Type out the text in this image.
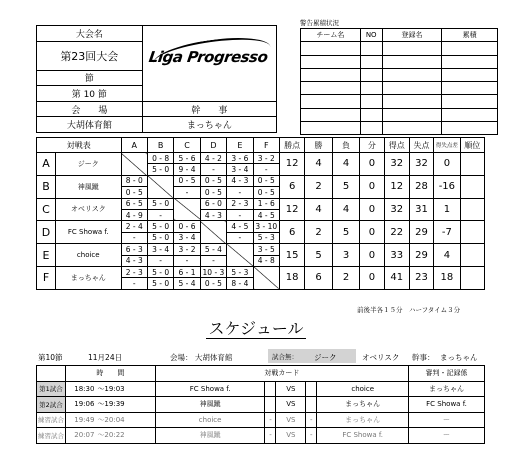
大会名	Liga Progresso

第23回大会	
節	
第 10 節	
会　　場	幹　　事
大胡体育館	まっちゃん
警告累積状況
チーム名	NO	登録名	累積

対戦表		A	B	C	D	E	F	勝点	勝	負	分	得点	失点	得失点差	順位
A	ジーク		0 - 8	5 - 6	4 - 2	3 - 6	3 - 2	12	4	4	0	32	32	0	
			5 - 0	9 - 4	-	3 - 4	-								
B	神風蹴	8 - 0		0 - 5	0 - 5	4 - 3	0 - 5	6	2	5	0	12	28	-16	
		0 - 5		-	0 - 5	-	0 - 5								
C	オベリスク	6 - 5	5 - 0		6 - 0	2 - 3	1 - 6	12	4	4	0	32	31	1	
		4 - 9	-		4 - 3	-	4 - 5								
D	FC Showa f.	2 - 4	5 - 0	0 - 6		4 - 5	3 - 10	6	2	5	0	22	29	-7	
		-	5 - 0	3 - 4		-	5 - 3								
E	choice	6 - 3	3 - 4	3 - 2	5 - 4		3 - 5	15	5	3	0	33	29	4	
		4 - 3	-	-	-		4 - 8								
F	まっちゃん	2 - 3	5 - 0	6 - 1	10 - 3	5 - 3		18	6	2	0	41	23	18	
		-	5 - 0	5 - 4	0 - 5	8 - 4									
前後半各１５分　ハーフタイム３分
スケジュール
第10節	11月24日	会場： 大胡体育館	試合無： ジーク	オベリスク 幹事： まっちゃん
	時　　間		対戦カード					審判・記録係
第1試合	18:30	～19:03	FC Showa f.		VS		choice	まっちゃん
第2試合	19:06	～19:39	神風蹴		VS		まっちゃん	FC Showa f.
練習試合	19:49	～20:04	choice	-	VS	-	まっちゃん	ー
練習試合	20:07	～20:22	神風蹴	-	VS	-	FC Showa f.	ー
